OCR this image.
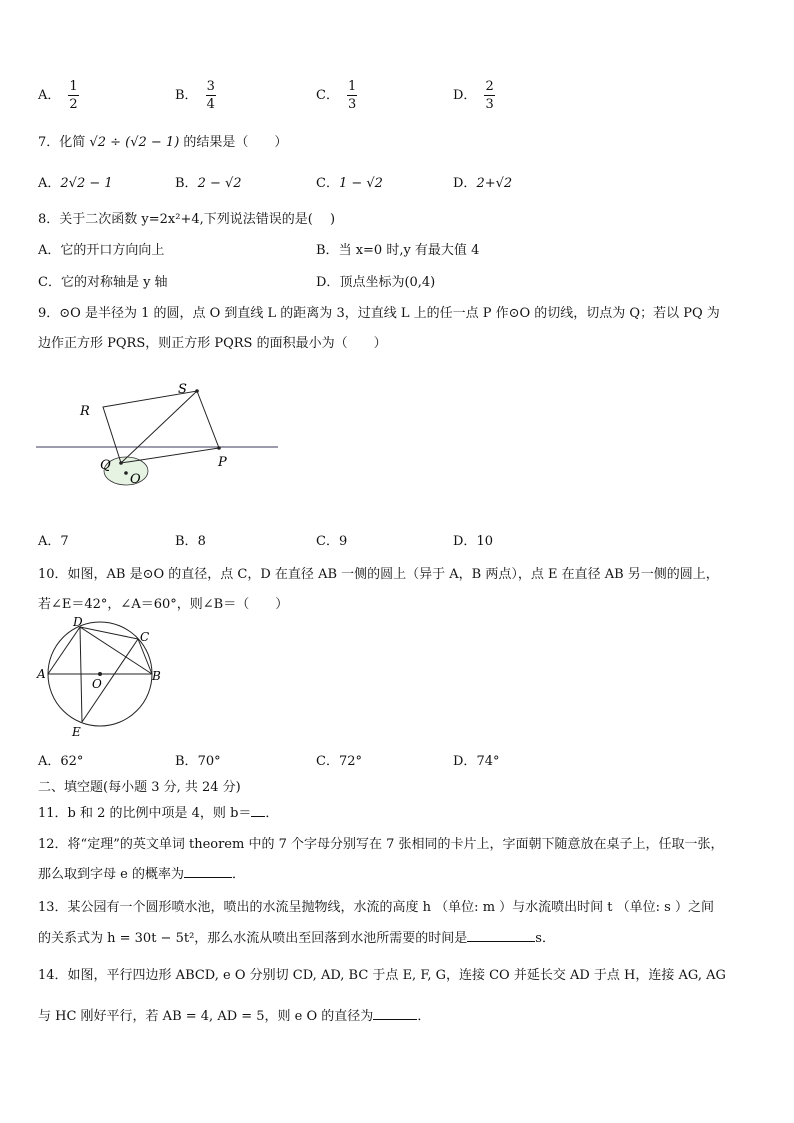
A． $\frac{1}{2}$	B． $\frac{3}{4}$	C． $\frac{1}{3}$	D． $\frac{2}{3}$
7．化简 √2 ÷ (√2 − 1) 的结果是（　　）
A．2√2 − 1	B．2 − √2	C．1 − √2	D．2+√2
8．关于二次函数 y=2x²+4,下列说法错误的是(　 )
A．它的开口方向向上	B．当 x=0 时,y 有最大值 4
C．它的对称轴是 y 轴	D．顶点坐标为(0,4)
9．⊙O 是半径为 1 的圆，点 O 到直线 L 的距离为 3，过直线 L 上的任一点 P 作⊙O 的切线，切点为 Q；若以 PQ 为
边作正方形 PQRS，则正方形 PQRS 的面积最小为（　　）
R
S
Q	P
O
A．7	B．8	C．9	D．10
10．如图，AB 是⊙O 的直径，点 C，D 在直径 AB 一侧的圆上（异于 A，B 两点），点 E 在直径 AB 另一侧的圆上，
若∠E＝42°，∠A＝60°，则∠B＝（　　）
D
C
A	B
O
E
A．62°	B．70°	C．72°	D．74°
二、填空题(每小题 3 分, 共 24 分)
11．b 和 2 的比例中项是 4，则 b＝ ．
12．将“定理”的英文单词 theorem 中的 7 个字母分别写在 7 张相同的卡片上，字面朝下随意放在桌子上，任取一张，
那么取到字母 e 的概率为	．
13．某公园有一个圆形喷水池，喷出的水流呈抛物线，水流的高度 h （单位: m ）与水流喷出时间 t （单位: s ）之间
的关系式为 h = 30t − 5t²，那么水流从喷出至回落到水池所需要的时间是	s．
14．如图，平行四边形 ABCD, e O 分别切 CD, AD, BC 于点 E, F, G，连接 CO 并延长交 AD 于点 H，连接 AG, AG
与 HC 刚好平行，若 AB = 4, AD = 5，则 e O 的直径为	．
